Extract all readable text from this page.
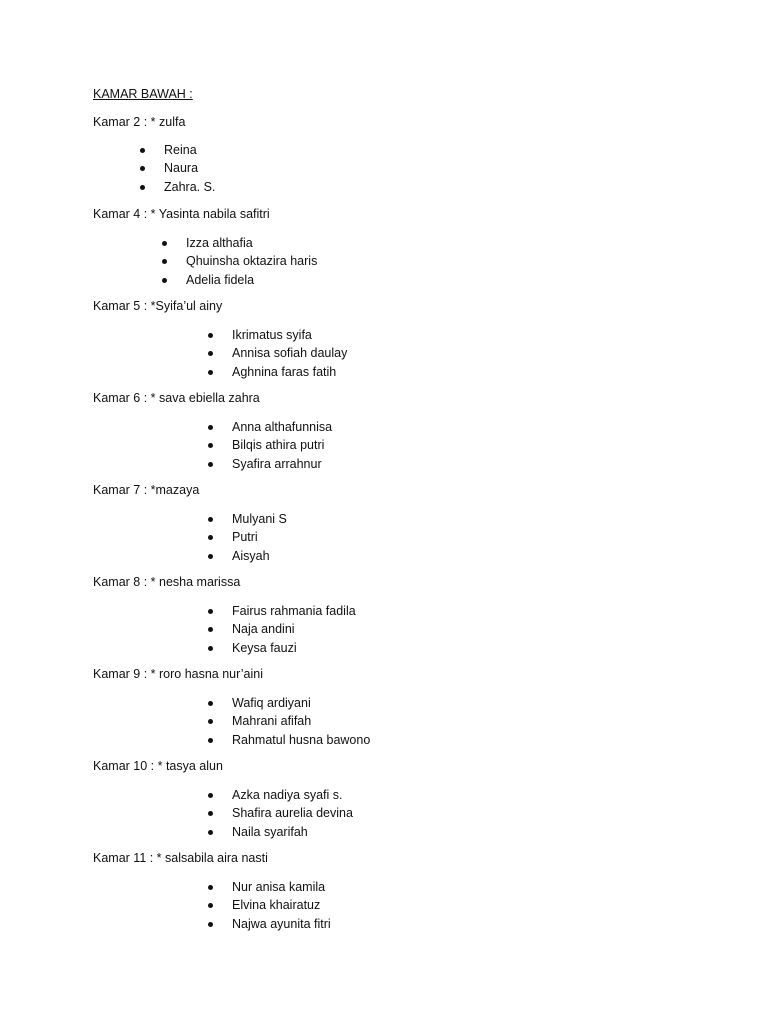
KAMAR BAWAH :
Kamar 2 : * zulfa
Reina
Naura
Zahra. S.
Kamar 4 : * Yasinta nabila safitri
Izza althafia
Qhuinsha oktazira haris
Adelia fidela
Kamar 5 : *Syifa’ul ainy
Ikrimatus syifa
Annisa sofiah daulay
Aghnina faras fatih
Kamar 6 : * sava ebiella zahra
Anna althafunnisa
Bilqis athira putri
Syafira arrahnur
Kamar 7 : *mazaya
Mulyani S
Putri
Aisyah
Kamar 8 : * nesha marissa
Fairus rahmania fadila
Naja andini
Keysa fauzi
Kamar 9 : * roro hasna nur’aini
Wafiq ardiyani
Mahrani afifah
Rahmatul husna bawono
Kamar 10 : * tasya alun
Azka nadiya syafi s.
Shafira aurelia devina
Naila syarifah
Kamar 11 : * salsabila aira nasti
Nur anisa kamila
Elvina khairatuz
Najwa ayunita fitri
